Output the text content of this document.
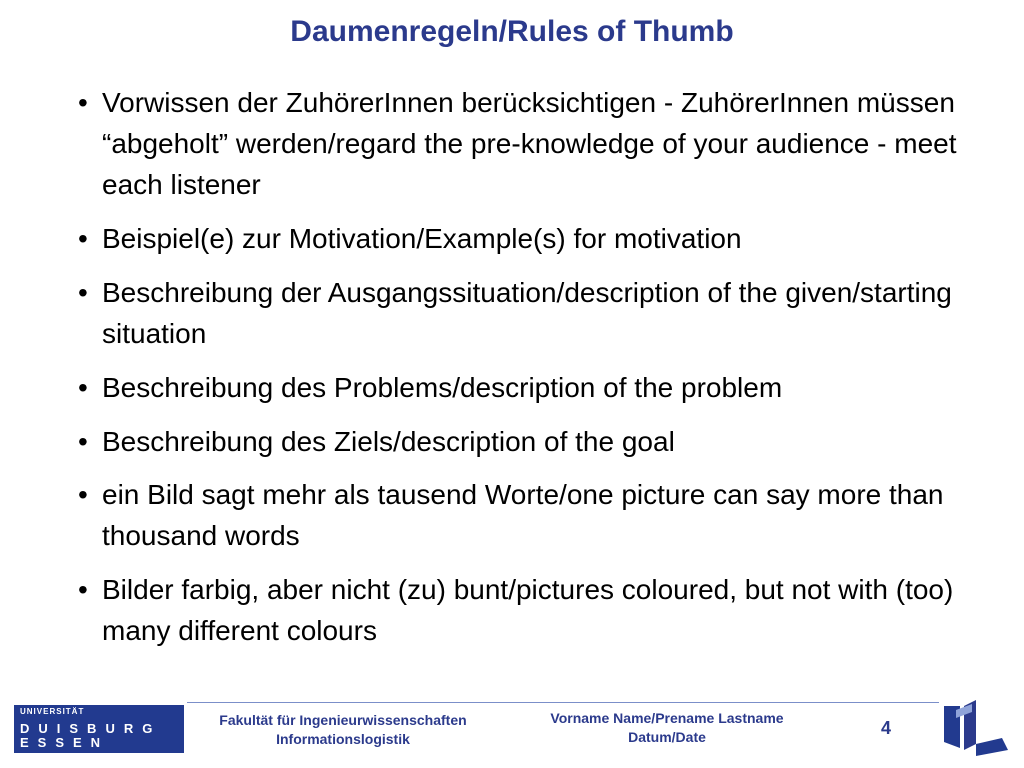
Daumenregeln/Rules of Thumb
• Vorwissen der ZuhörerInnen berücksichtigen - ZuhörerInnen müssen “abgeholt” werden/regard the pre-knowledge of your audience - meet each listener
• Beispiel(e) zur Motivation/Example(s) for motivation
• Beschreibung der Ausgangssituation/description of the given/starting situation
• Beschreibung des Problems/description of the problem
• Beschreibung des Ziels/description of the goal
• ein Bild sagt mehr als tausend Worte/one picture can say more than thousand words
• Bilder farbig, aber nicht (zu) bunt/pictures coloured, but not with (too) many different colours
UNIVERSITÄT
DUISBURG
ESSEN
Fakultät für Ingenieurwissenschaften
Informationslogistik
Vorname Name/Prename Lastname
Datum/Date	4
